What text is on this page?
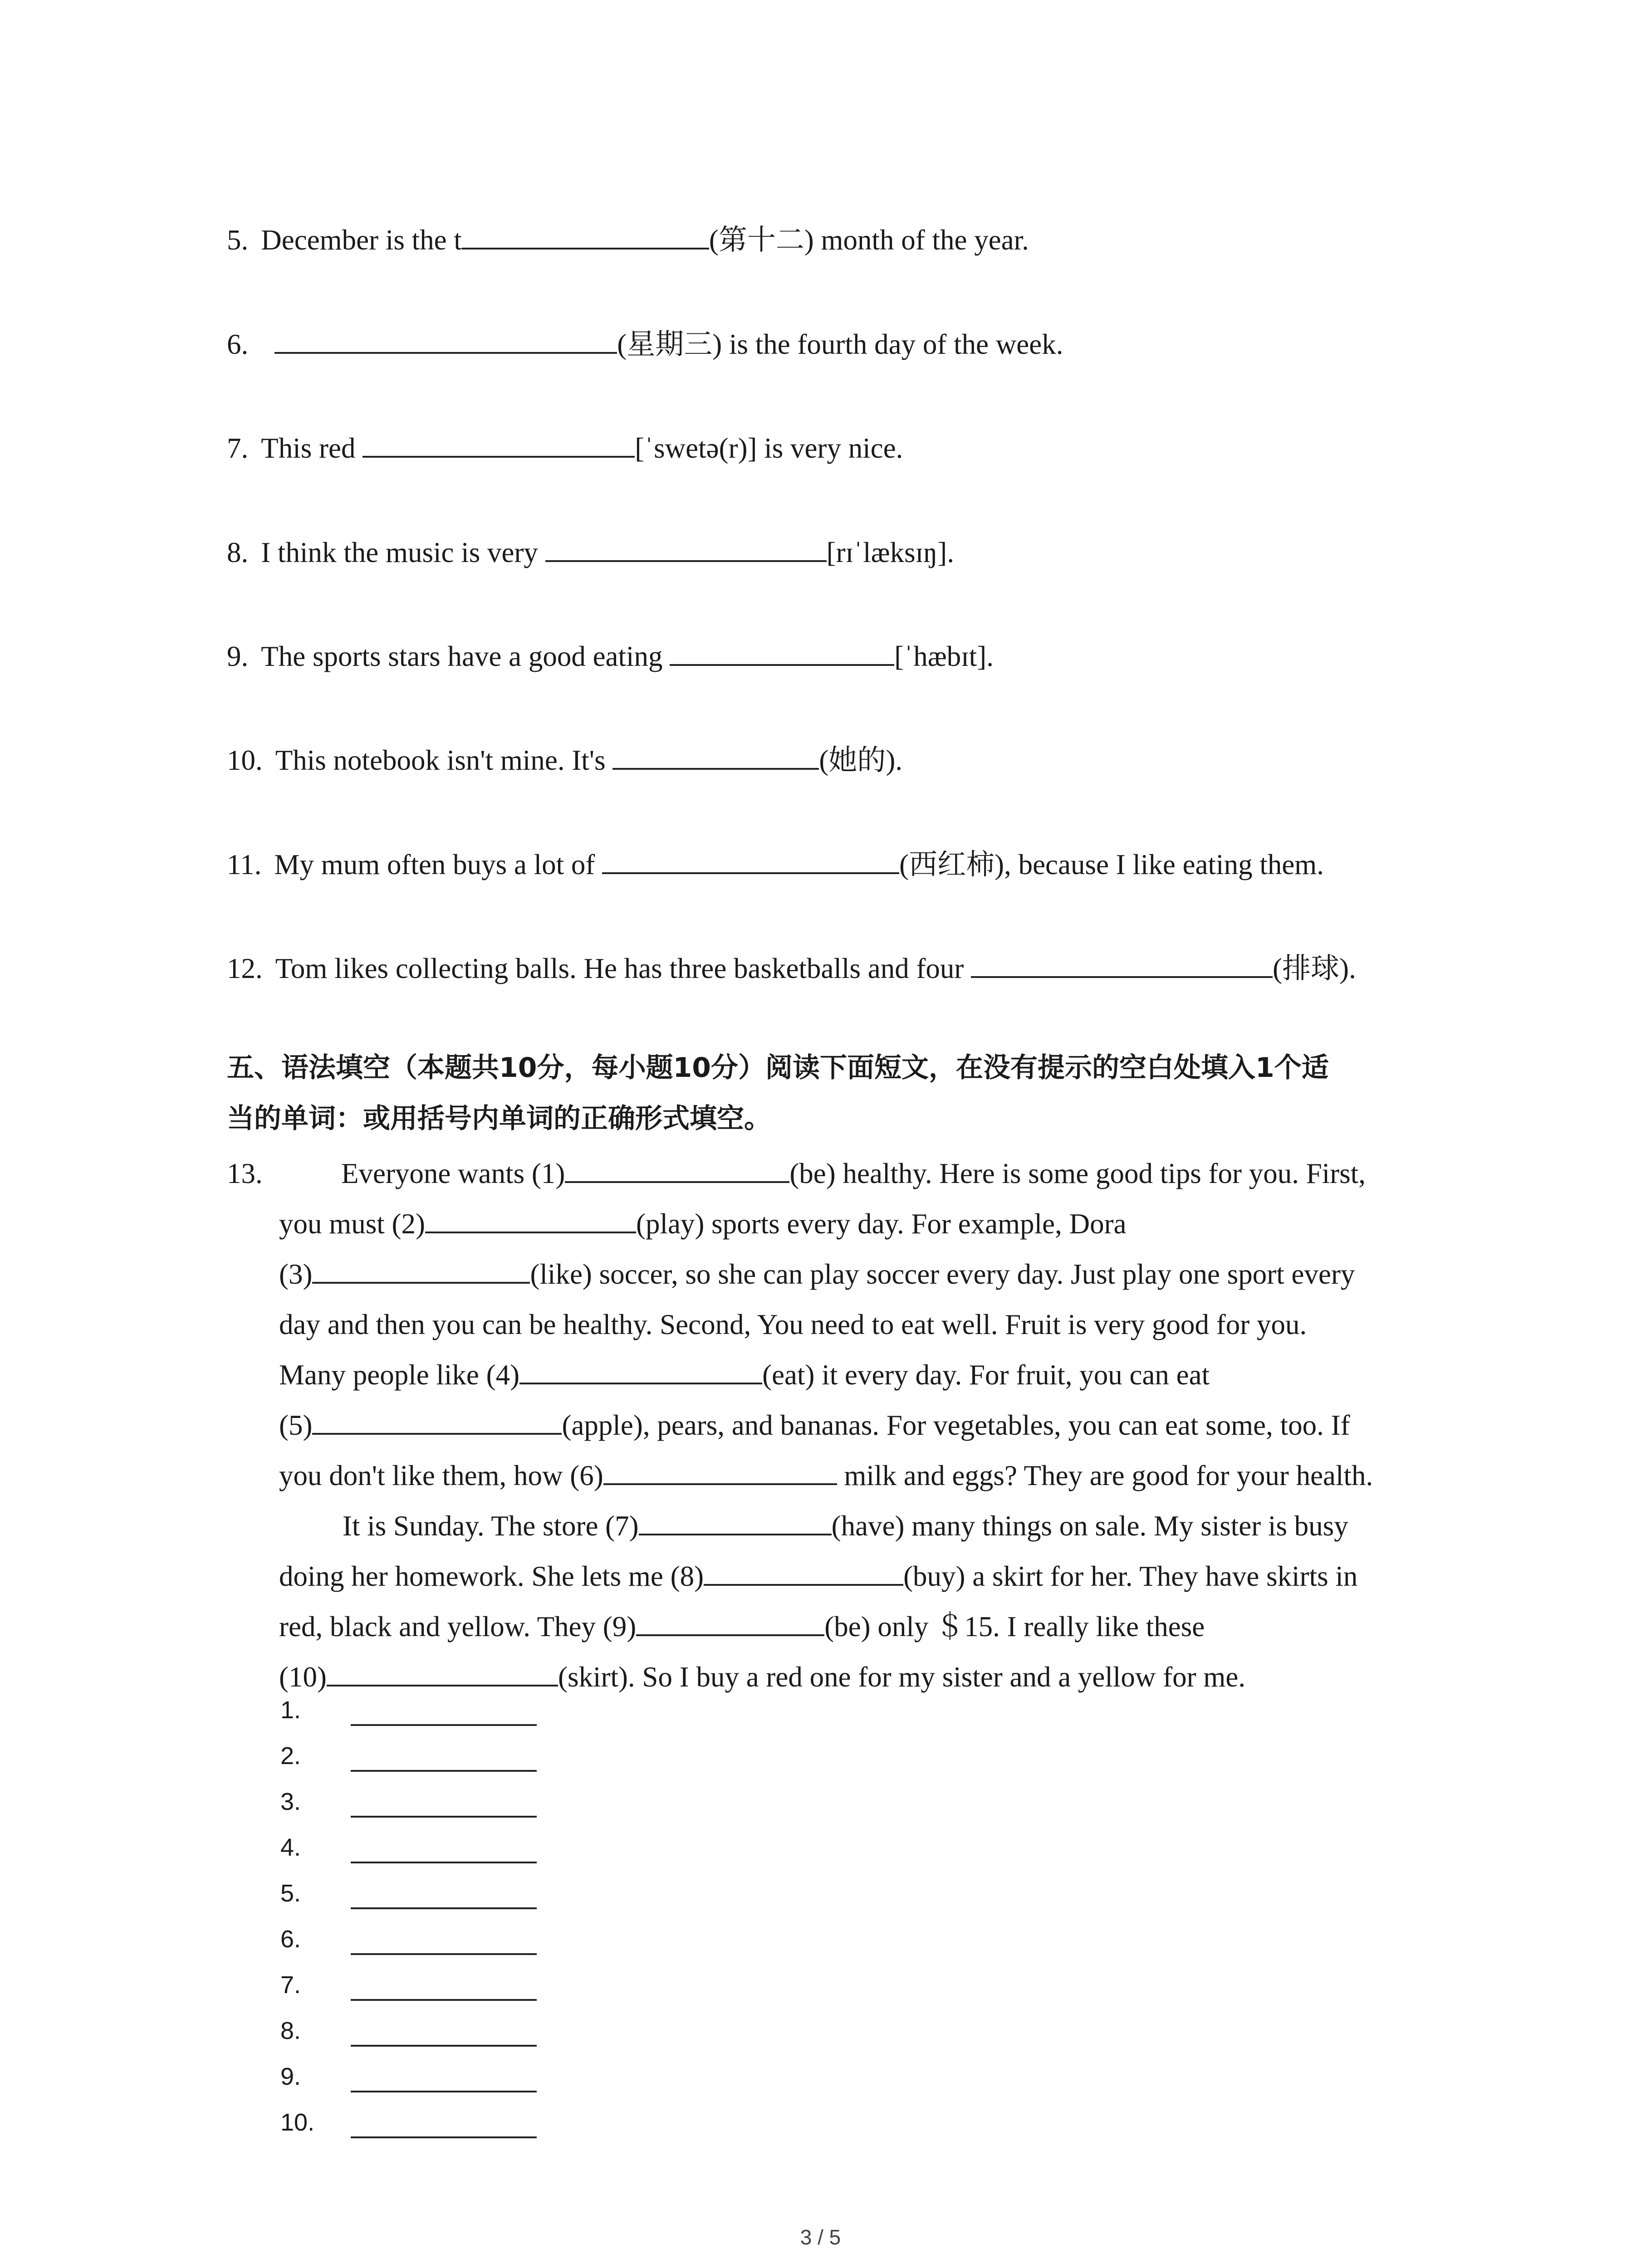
5. December is the t	(第十二) month of the year.
6.	(星期三) is the fourth day of the week.
7. This red	[ˈswetə(r)] is very nice.
8. I think the music is very	[rɪˈlæksɪŋ].
9. The sports stars have a good eating	[ˈhæbɪt].
10. This notebook isn't mine. It's	(她的).
11. My mum often buys a lot of	(西红柿), because I like eating them.
12. Tom likes collecting balls. He has three basketballs and four	(排球).
五、语法填空（本题共10分，每小题10分）阅读下面短文，在没有提示的空白处填入1个适
当的单词：或用括号内单词的正确形式填空。
13.	Everyone wants (1)	(be) healthy. Here is some good tips for you. First,
you must (2)	(play) sports every day. For example, Dora
(3)	(like) soccer, so she can play soccer every day. Just play one sport every
day and then you can be healthy. Second, You need to eat well. Fruit is very good for you.
Many people like (4)	(eat) it every day. For fruit, you can eat
(5)	(apple), pears, and bananas. For vegetables, you can eat some, too. If
you don't like them, how (6)	milk and eggs? They are good for your health.
It is Sunday. The store (7)	(have) many things on sale. My sister is busy
doing her homework. She lets me (8)	(buy) a skirt for her. They have skirts in
red, black and yellow. They (9)	(be) only ＄15. I really like these
(10)	(skirt). So I buy a red one for my sister and a yellow for me.
1.
2.
3.
4.
5.
6.
7.
8.
9.
10.
3 / 5
